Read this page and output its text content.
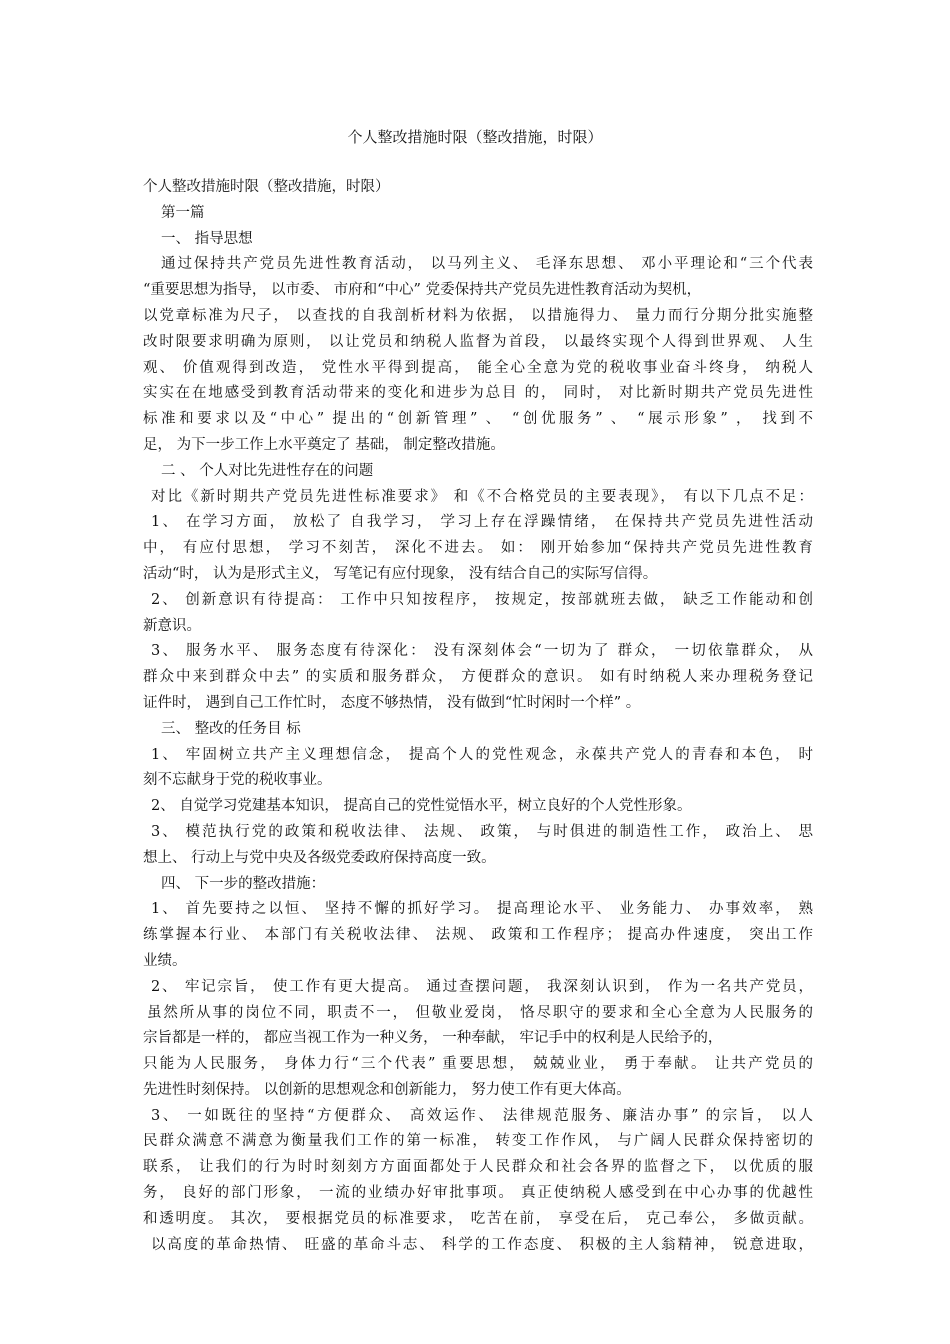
个人整改措施时限（整改措施，时限）
个人整改措施时限（整改措施，时限）
第一篇
一、 指导思想
通过保持共产党员先进性教育活动， 以马列主义、 毛泽东思想、 邓小平理论和“三个代表
“重要思想为指导， 以市委、 市府和“中心” 党委保持共产党员先进性教育活动为契机，
以党章标准为尺子， 以查找的自我剖析材料为依据， 以措施得力、 量力而行分期分批实施整
改时限要求明确为原则， 以让党员和纳税人监督为首段， 以最终实现个人得到世界观、 人生
观、 价值观得到改造， 党性水平得到提高， 能全心全意为党的税收事业奋斗终身， 纳税人
实实在在地感受到教育活动带来的变化和进步为总目 的， 同时， 对比新时期共产党员先进性
标准和要求以及“中心” 提出的“创新管理” 、 “创优服务” 、 “展示形象” ， 找到不
足， 为下一步工作上水平奠定了 基础， 制定整改措施。
二 、 个人对比先进性存在的问题
对比《新时期共产党员先进性标准要求》 和《不合格党员的主要表现》， 有以下几点不足：
1、 在学习方面， 放松了 自我学习， 学习上存在浮躁情绪， 在保持共产党员先进性活动
中， 有应付思想， 学习不刻苦， 深化不进去。 如： 刚开始参加“保持共产党员先进性教育
活动“时， 认为是形式主义， 写笔记有应付现象， 没有结合自己的实际写信得。
2、 创新意识有待提高： 工作中只知按程序， 按规定，按部就班去做， 缺乏工作能动和创
新意识。
3、 服务水平、 服务态度有待深化： 没有深刻体会“一切为了 群众， 一切依靠群众， 从
群众中来到群众中去” 的实质和服务群众， 方便群众的意识。 如有时纳税人来办理税务登记
证件时， 遇到自己工作忙时， 态度不够热情， 没有做到“忙时闲时一个样” 。
三、 整改的任务目 标
1、 牢固树立共产主义理想信念， 提高个人的党性观念，永葆共产党人的青春和本色， 时
刻不忘献身于党的税收事业。
2、 自觉学习党建基本知识， 提高自己的党性觉悟水平，树立良好的个人党性形象。
3、 模范执行党的政策和税收法律、 法规、 政策， 与时俱进的制造性工作， 政治上、 思
想上、 行动上与党中央及各级党委政府保持高度一致。
四、 下一步的整改措施：
1、 首先要持之以恒、 坚持不懈的抓好学习。 提高理论水平、 业务能力、 办事效率， 熟
练掌握本行业、 本部门有关税收法律、 法规、 政策和工作程序； 提高办件速度， 突出工作
业绩。
2、 牢记宗旨， 使工作有更大提高。 通过查摆问题， 我深刻认识到， 作为一名共产党员，
虽然所从事的岗位不同，职责不一， 但敬业爱岗， 恪尽职守的要求和全心全意为人民服务的
宗旨都是一样的， 都应当视工作为一种义务， 一种奉献， 牢记手中的权利是人民给予的，
只能为人民服务， 身体力行“三个代表” 重要思想， 兢兢业业， 勇于奉献。 让共产党员的
先进性时刻保持。 以创新的思想观念和创新能力， 努力使工作有更大体高。
3、 一如既往的坚持“方便群众、 高效运作、 法律规范服务、廉洁办事” 的宗旨， 以人
民群众满意不满意为衡量我们工作的第一标准， 转变工作作风， 与广阔人民群众保持密切的
联系， 让我们的行为时时刻刻方方面面都处于人民群众和社会各界的监督之下， 以优质的服
务， 良好的部门形象， 一流的业绩办好审批事项。 真正使纳税人感受到在中心办事的优越性
和透明度。 其次， 要根据党员的标准要求， 吃苦在前， 享受在后， 克己奉公， 多做贡献。
以高度的革命热情、 旺盛的革命斗志、 科学的工作态度、 积极的主人翁精神， 锐意进取，
